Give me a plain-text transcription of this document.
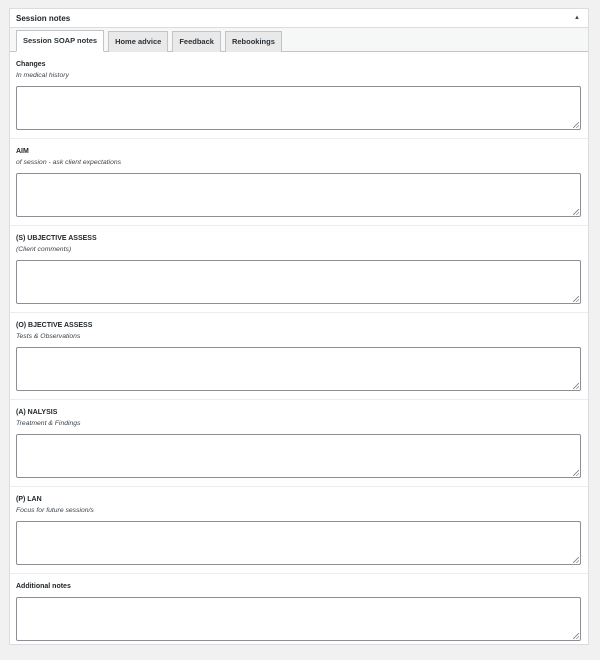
Session notes	▲
Session SOAP notes	Home advice	Feedback	Rebookings
Changes
In medical history
AIM
of session - ask client expectations
(S) UBJECTIVE ASSESS
(Client comments)
(O) BJECTIVE ASSESS
Tests & Observations
(A) NALYSIS
Treatment & Findings
(P) LAN
Focus for future session/s
Additional notes
